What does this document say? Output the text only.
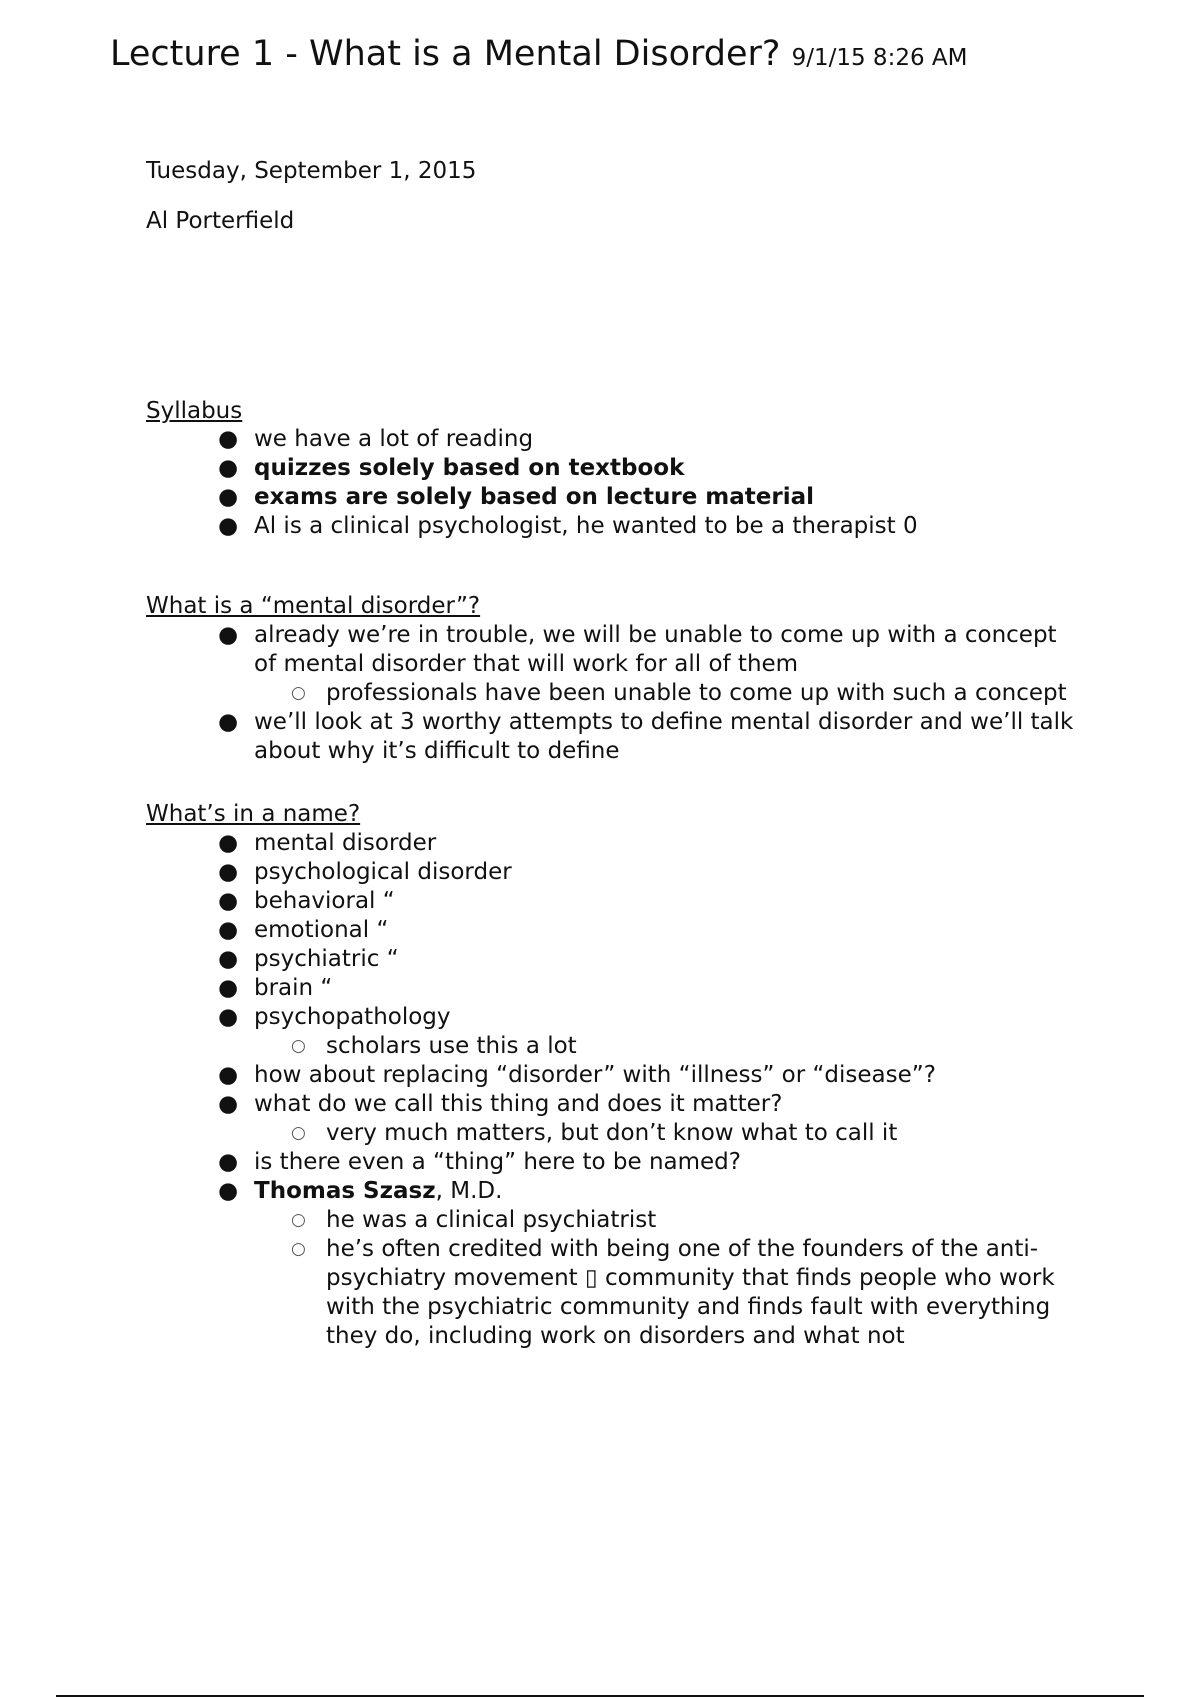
Lecture 1 - What is a Mental Disorder? 9/1/15 8:26 AM
Tuesday, September 1, 2015
Al Porterfield
Syllabus
● we have a lot of reading
● quizzes solely based on textbook
● exams are solely based on lecture material
● Al is a clinical psychologist, he wanted to be a therapist 0
What is a “mental disorder”?
● already we’re in trouble, we will be unable to come up with a concept of mental disorder that will work for all of them
○ professionals have been unable to come up with such a concept
● we’ll look at 3 worthy attempts to define mental disorder and we’ll talk about why it’s difficult to define
What’s in a name?
● mental disorder
● psychological disorder
● behavioral “
● emotional “
● psychiatric “
● brain “
● psychopathology
○ scholars use this a lot
● how about replacing “disorder” with “illness” or “disease”?
● what do we call this thing and does it matter?
○ very much matters, but don’t know what to call it
● is there even a “thing” here to be named?
● Thomas Szasz, M.D.
○ he was a clinical psychiatrist
○ he’s often credited with being one of the founders of the anti-psychiatry movement ▯ community that finds people who work with the psychiatric community and finds fault with everything they do, including work on disorders and what not
